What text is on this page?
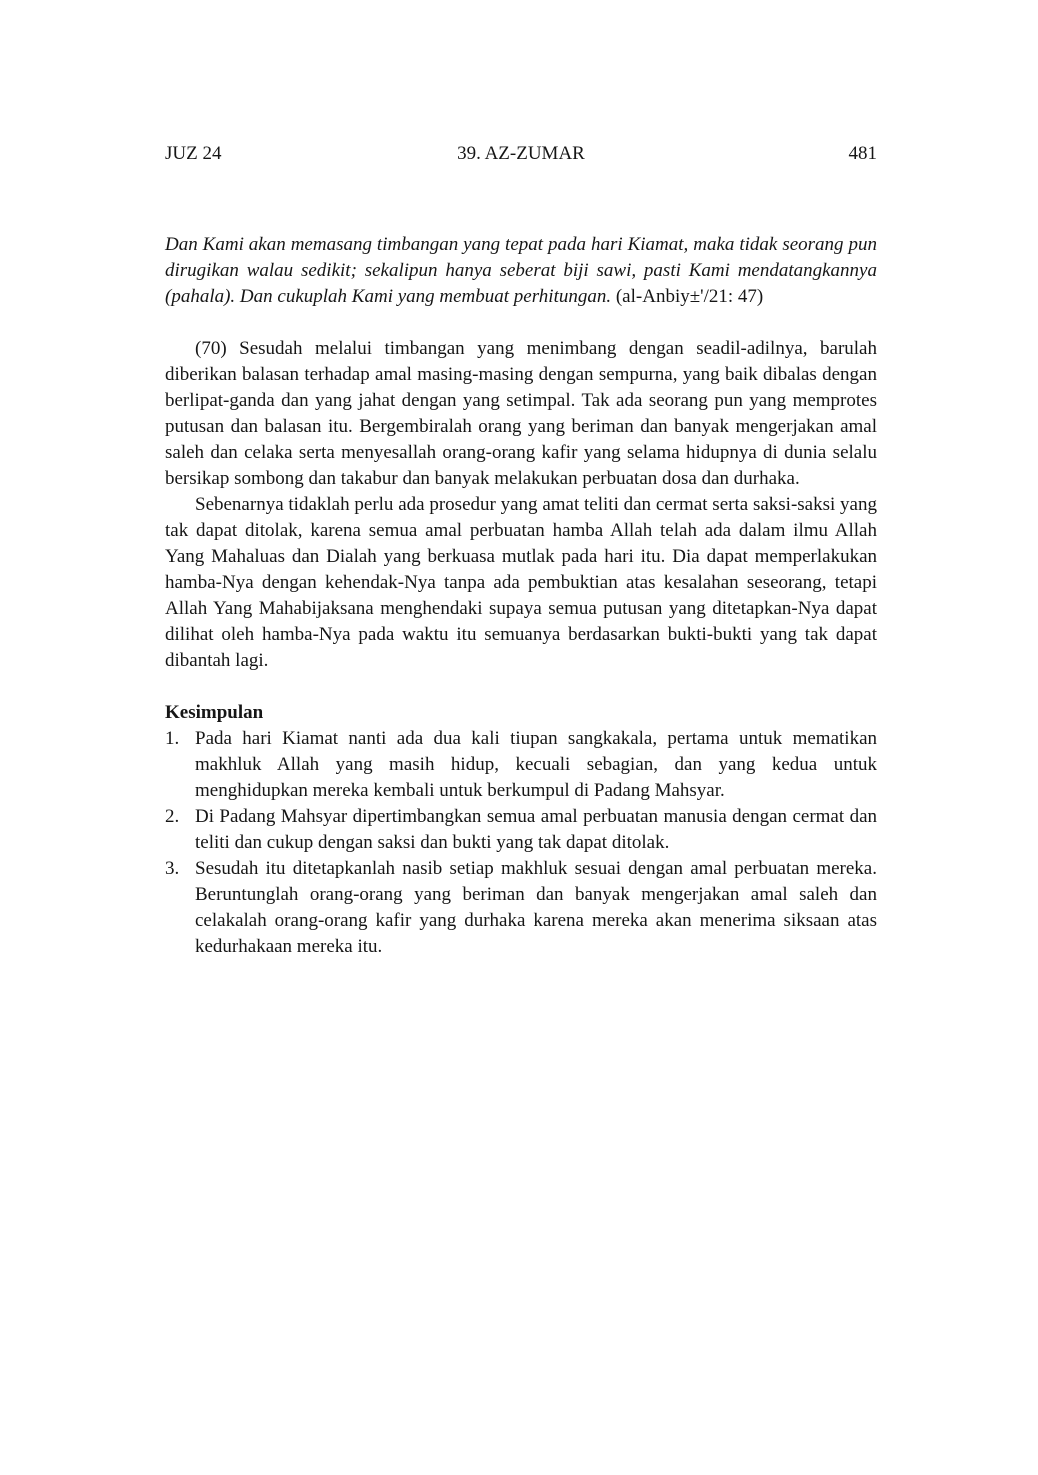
JUZ 24	39. AZ-ZUMAR	481

Dan Kami akan memasang timbangan yang tepat pada hari Kiamat, maka tidak seorang pun dirugikan walau sedikit; sekalipun hanya seberat biji sawi, pasti Kami mendatangkannya (pahala). Dan cukuplah Kami yang membuat perhitungan. (al-Anbiy±'/21: 47)

(70) Sesudah melalui timbangan yang menimbang dengan seadil-adilnya, barulah diberikan balasan terhadap amal masing-masing dengan sempurna, yang baik dibalas dengan berlipat-ganda dan yang jahat dengan yang setimpal. Tak ada seorang pun yang memprotes putusan dan balasan itu. Bergembiralah orang yang beriman dan banyak mengerjakan amal saleh dan celaka serta menyesallah orang-orang kafir yang selama hidupnya di dunia selalu bersikap sombong dan takabur dan banyak melakukan perbuatan dosa dan durhaka.

Sebenarnya tidaklah perlu ada prosedur yang amat teliti dan cermat serta saksi-saksi yang tak dapat ditolak, karena semua amal perbuatan hamba Allah telah ada dalam ilmu Allah Yang Mahaluas dan Dialah yang berkuasa mutlak pada hari itu. Dia dapat memperlakukan hamba-Nya dengan kehendak-Nya tanpa ada pembuktian atas kesalahan seseorang, tetapi Allah Yang Mahabijaksana menghendaki supaya semua putusan yang ditetapkan-Nya dapat dilihat oleh hamba-Nya pada waktu itu semuanya berdasarkan bukti-bukti yang tak dapat dibantah lagi.

Kesimpulan

1. Pada hari Kiamat nanti ada dua kali tiupan sangkakala, pertama untuk mematikan makhluk Allah yang masih hidup, kecuali sebagian, dan yang kedua untuk menghidupkan mereka kembali untuk berkumpul di Padang Mahsyar.
2. Di Padang Mahsyar dipertimbangkan semua amal perbuatan manusia dengan cermat dan teliti dan cukup dengan saksi dan bukti yang tak dapat ditolak.
3. Sesudah itu ditetapkanlah nasib setiap makhluk sesuai dengan amal perbuatan mereka. Beruntunglah orang-orang yang beriman dan banyak mengerjakan amal saleh dan celakalah orang-orang kafir yang durhaka karena mereka akan menerima siksaan atas kedurhakaan mereka itu.
